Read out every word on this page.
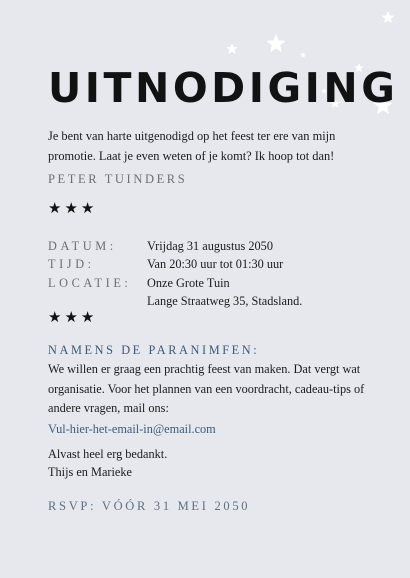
UITNODIGING
Je bent van harte uitgenodigd op het feest ter ere van mijn promotie. Laat je even weten of je komt? Ik hoop tot dan!
PETER TUINDERS
★★★
DATUM: Vrijdag 31 augustus 2050
TIJD:	Van 20:30 uur tot 01:30 uur
LOCATIE: Onze Grote Tuin
Lange Straatweg 35, Stadsland.
★★★
NAMENS DE PARANIMFEN:
We willen er graag een prachtig feest van maken. Dat vergt wat organisatie. Voor het plannen van een voordracht, cadeau-tips of andere vragen, mail ons:
Vul-hier-het-email-in@email.com
Alvast heel erg bedankt.
Thijs en Marieke
RSVP: VÓÓR 31 MEI 2050
